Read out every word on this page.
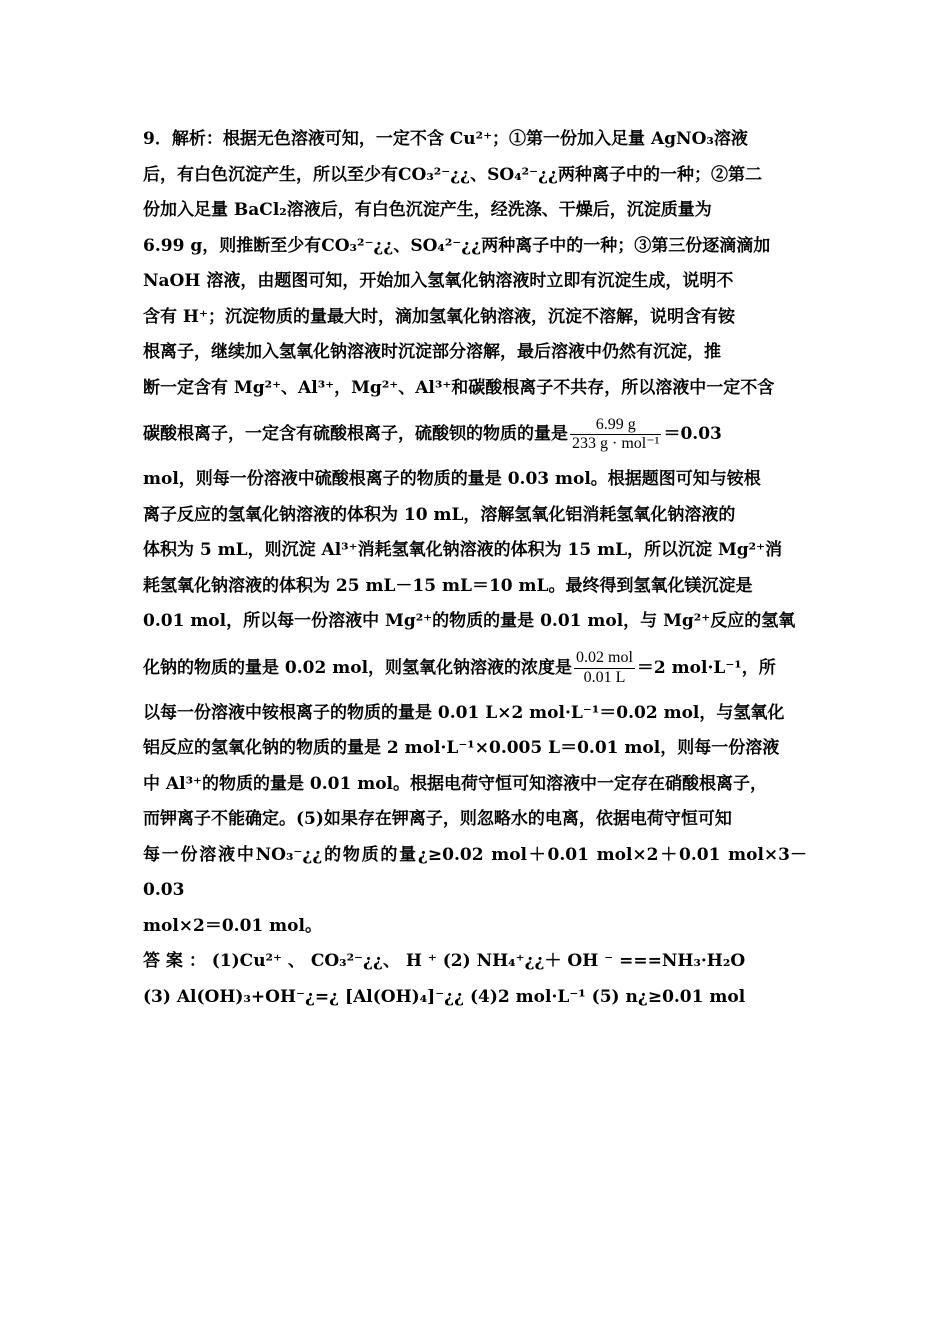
9．解析：根据无色溶液可知，一定不含 Cu²⁺；①第一份加入足量 AgNO₃溶液

后，有白色沉淀产生，所以至少有CO₃²⁻¿¿、SO₄²⁻¿¿两种离子中的一种；②第二

份加入足量 BaCl₂溶液后，有白色沉淀产生，经洗涤、干燥后，沉淀质量为

6.99 g，则推断至少有CO₃²⁻¿¿、SO₄²⁻¿¿两种离子中的一种；③第三份逐滴滴加

NaOH 溶液，由题图可知，开始加入氢氧化钠溶液时立即有沉淀生成，说明不

含有 H⁺；沉淀物质的量最大时，滴加氢氧化钠溶液，沉淀不溶解，说明含有铵

根离子，继续加入氢氧化钠溶液时沉淀部分溶解，最后溶液中仍然有沉淀，推

断一定含有 Mg²⁺、Al³⁺，Mg²⁺、Al³⁺和碳酸根离子不共存，所以溶液中一定不含

碳酸根离子，一定含有硫酸根离子，硫酸钡的物质的量是 $\frac{6.99 g}{\text{233 g · mol⁻¹}} =0.03$

mol，则每一份溶液中硫酸根离子的物质的量是 0.03 mol。根据题图可知与铵根

离子反应的氢氧化钠溶液的体积为 10 mL，溶解氢氧化铝消耗氢氧化钠溶液的

体积为 5 mL，则沉淀 Al³⁺消耗氢氧化钠溶液的体积为 15 mL，所以沉淀 Mg²⁺消

耗氢氧化钠溶液的体积为 25 mL－15 mL＝10 mL。最终得到氢氧化镁沉淀是

0.01 mol，所以每一份溶液中 Mg²⁺的物质的量是 0.01 mol，与 Mg²⁺反应的氢氧

化钠的物质的量是 0.02 mol，则氢氧化钠溶液的浓度是 $\frac{\text{0.02 mol}}{0.01 L} =2$ mol·L⁻¹，所

以每一份溶液中铵根离子的物质的量是 0.01 L×2 mol·L⁻¹＝0.02 mol，与氢氧化

铝反应的氢氧化钠的物质的量是 2 mol·L⁻¹×0.005 L＝0.01 mol，则每一份溶液

中 Al³⁺的物质的量是 0.01 mol。根据电荷守恒可知溶液中一定存在硝酸根离子，

而钾离子不能确定。(5)如果存在钾离子，则忽略水的电离，依据电荷守恒可知

每一份溶液中NO₃⁻¿¿的物质的量¿≥0.02 mol＋0.01 mol×2＋0.01 mol×3－0.03

mol×2＝0.01 mol。

答 案 ： (1)Cu²⁺ 、 CO₃²⁻¿¿、 H ⁺ (2) NH₄⁺¿¿＋ OH ⁻ ===NH₃·H₂O

(3) Al(OH)₃+OH⁻¿=¿ [Al(OH)₄]⁻¿¿ (4)2 mol·L⁻¹ (5) n¿≥0.01 mol
